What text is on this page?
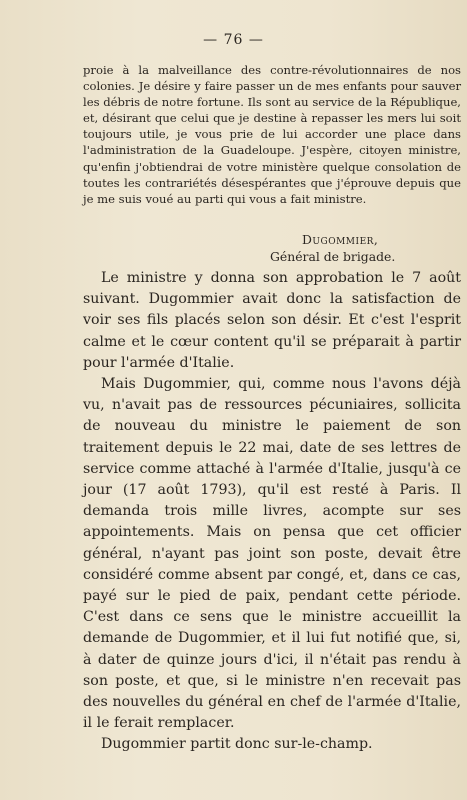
— 76 —

proie à la malveillance des contre-révolutionnaires de nos colonies. Je désire y faire passer un de mes enfants pour sauver les débris de notre fortune. Ils sont au service de la République, et, désirant que celui que je destine à repasser les mers lui soit toujours utile, je vous prie de lui accorder une place dans l'administration de la Guadeloupe. J'espère, citoyen ministre, qu'enfin j'obtiendrai de votre ministère quelque consolation de toutes les contrariétés désespérantes que j'éprouve depuis que je me suis voué au parti qui vous a fait ministre.

Dugommier,
Général de brigade.

Le ministre y donna son approbation le 7 août suivant. Dugommier avait donc la satisfaction de voir ses fils placés selon son désir. Et c'est l'esprit calme et le cœur content qu'il se préparait à partir pour l'armée d'Italie.

Mais Dugommier, qui, comme nous l'avons déjà vu, n'avait pas de ressources pécuniaires, sollicita de nouveau du ministre le paiement de son traitement depuis le 22 mai, date de ses lettres de service comme attaché à l'armée d'Italie, jusqu'à ce jour (17 août 1793), qu'il est resté à Paris. Il demanda trois mille livres, acompte sur ses appointements. Mais on pensa que cet officier général, n'ayant pas joint son poste, devait être considéré comme absent par congé, et, dans ce cas, payé sur le pied de paix, pendant cette période. C'est dans ce sens que le ministre accueillit la demande de Dugommier, et il lui fut notifié que, si, à dater de quinze jours d'ici, il n'était pas rendu à son poste, et que, si le ministre n'en recevait pas des nouvelles du général en chef de l'armée d'Italie, il le ferait remplacer.

Dugommier partit donc sur-le-champ.
